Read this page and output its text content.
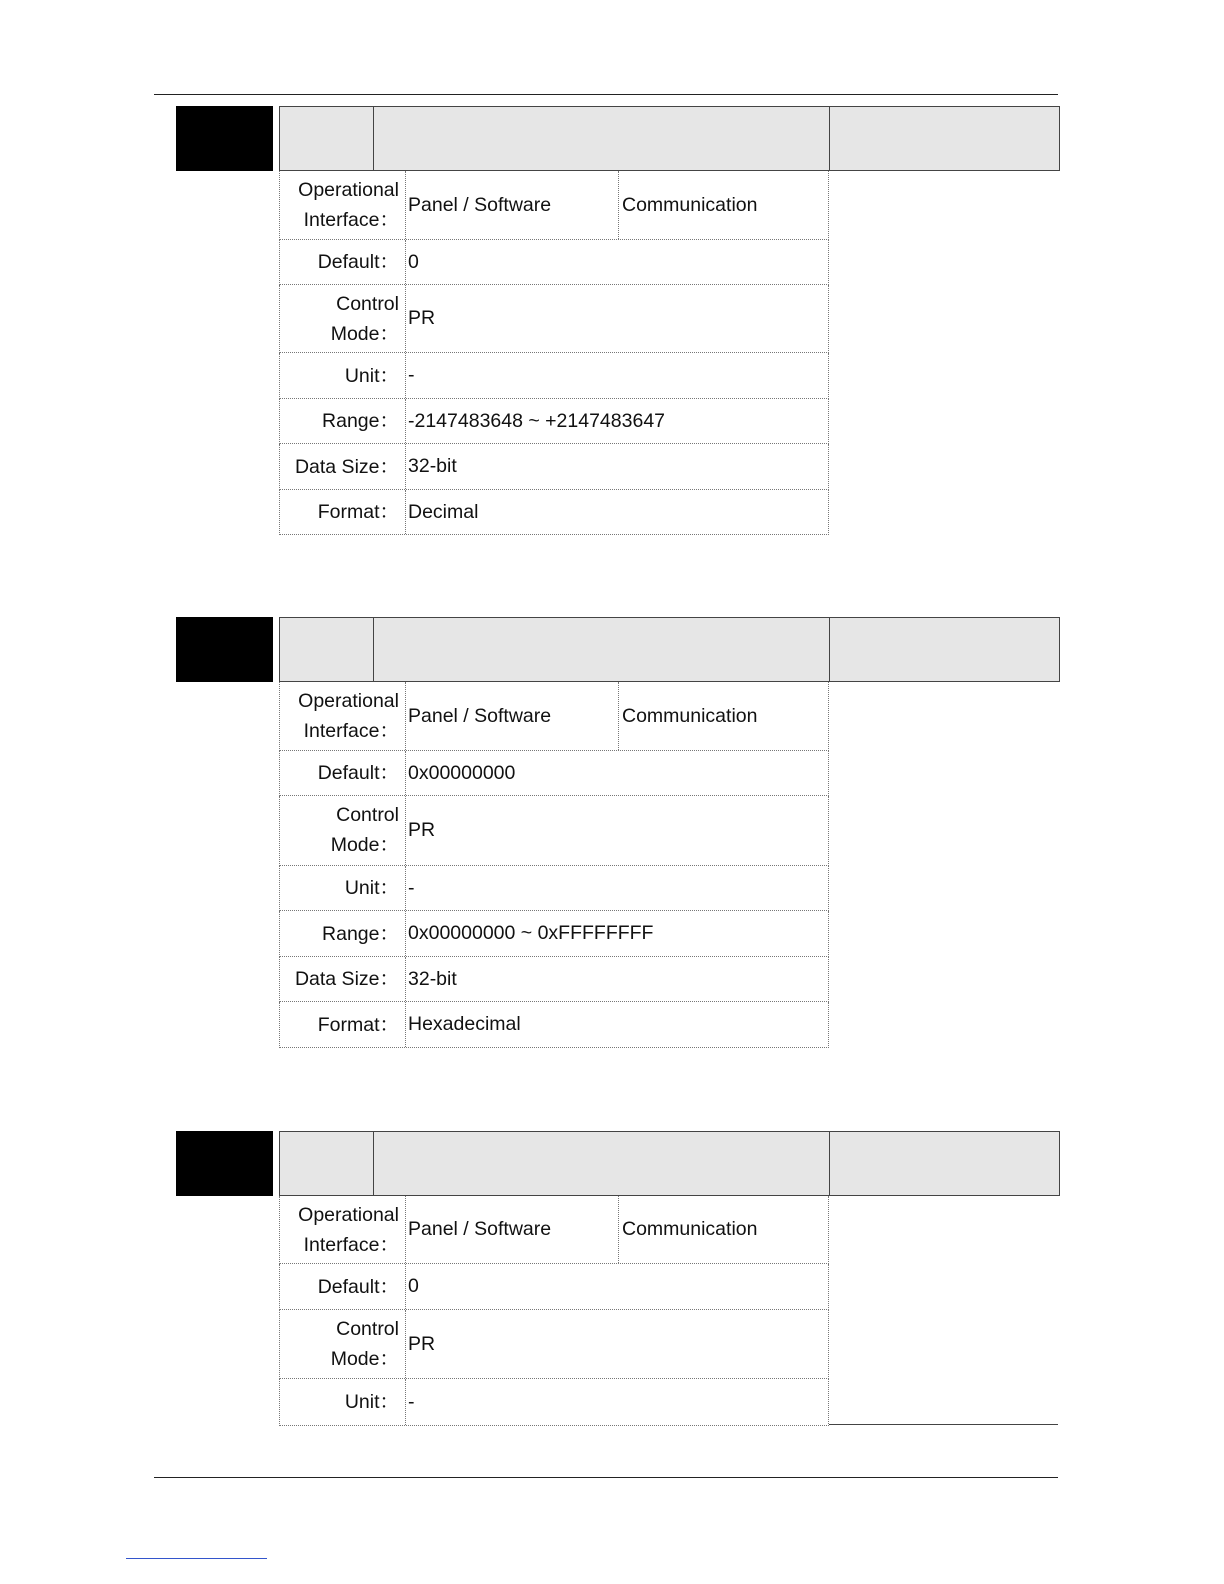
Operational
Interface：
Panel / Software	Communication
Default： 0
Control
Mode：
PR
Unit： -
Range： -2147483648 ~ +2147483647
Data Size： 32-bit
Format： Decimal
Operational
Interface：
Panel / Software	Communication
Default： 0x00000000
Control
Mode：
PR
Unit： -
Range： 0x00000000 ~ 0xFFFFFFFF
Data Size： 32-bit
Format： Hexadecimal
Operational
Interface：
Panel / Software	Communication
Default： 0
Control
Mode：
PR
Unit： -
